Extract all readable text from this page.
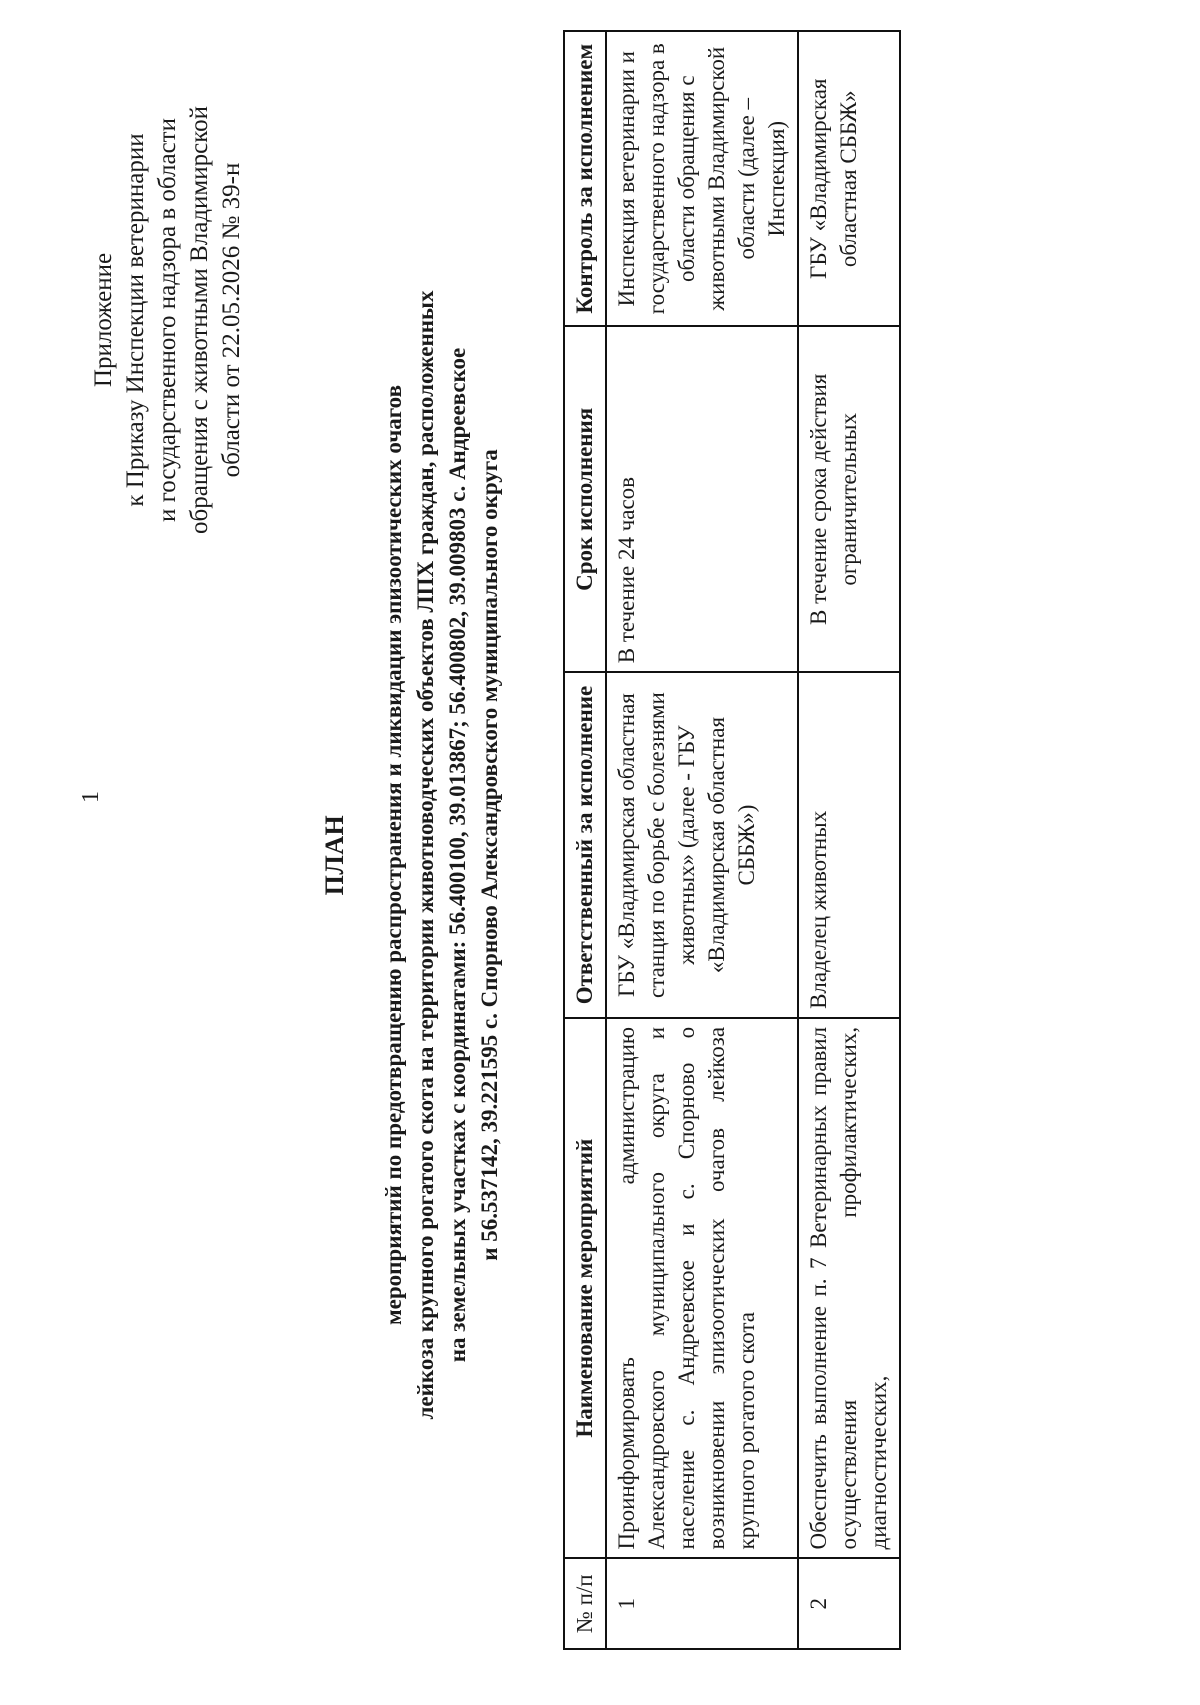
1
Приложение к Приказу Инспекции ветеринарии и государственного надзора в области обращения с животными Владимирской области от 22.05.2026 № 39-н
ПЛАН мероприятий по предотвращению распространения и ликвидации эпизоотических очагов лейкоза крупного рогатого скота на территории животноводческих объектов ЛПХ граждан, расположенных на земельных участках с координатами: 56.400100, 39.013867; 56.400802, 39.009803 с. Андреевское и 56.537142, 39.221595 с. Спорново Александровского муниципального округа
№ п/п	Наименование мероприятий	Ответственный за исполнение	Срок исполнения	Контроль за исполнением
1	Проинформировать администрацию Александровского муниципального округа и население с. Андреевское и с. Спорново о возникновении эпизоотических очагов лейкоза крупного рогатого скота	ГБУ «Владимирская областная станция по борьбе с болезнями животных» (далее - ГБУ «Владимирская областная СББЖ»)	В течение 24 часов	Инспекция ветеринарии и государственного надзора в области обращения с животными Владимирской области (далее – Инспекция)
2	Обеспечить выполнение п. 7 Ветеринарных правил осуществления профилактических, диагностических,	Владелец животных	В течение срока действия ограничительных	ГБУ «Владимирская областная СББЖ»
